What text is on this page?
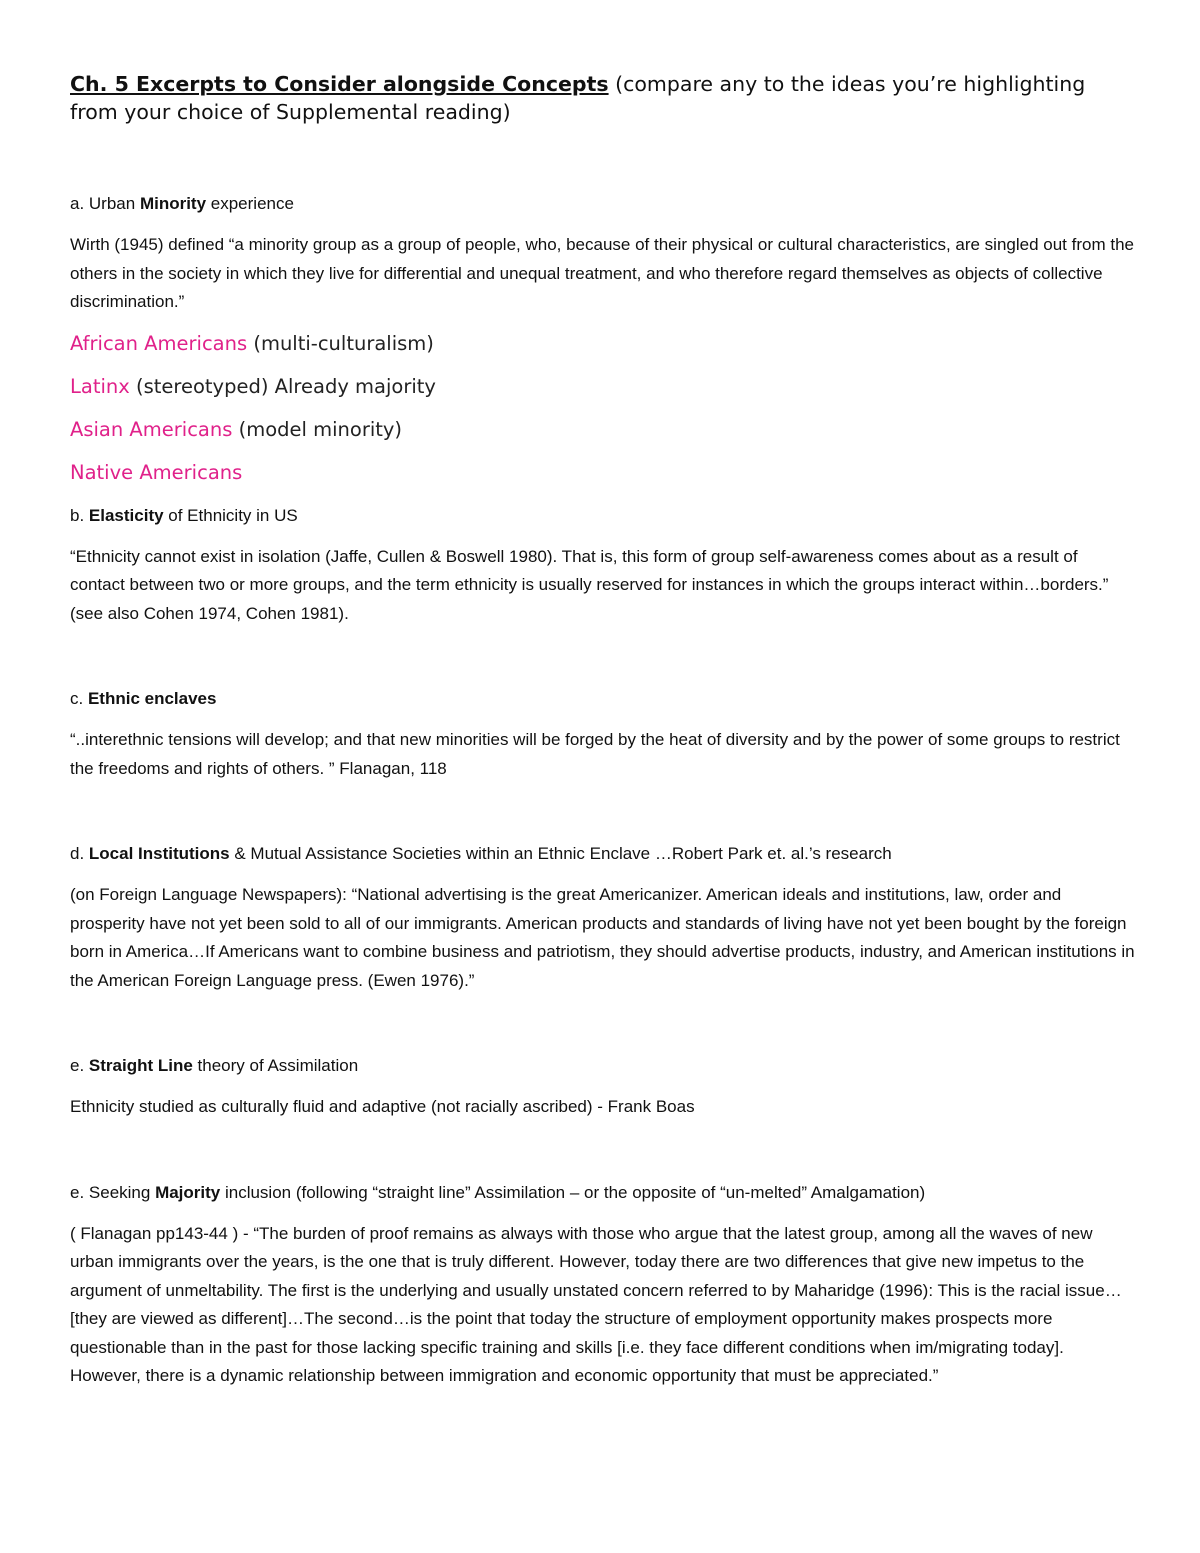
Ch. 5 Excerpts to Consider alongside Concepts (compare any to the ideas you’re highlighting from your choice of Supplemental reading)

a. Urban Minority experience

Wirth (1945) defined “a minority group as a group of people, who, because of their physical or cultural characteristics, are singled out from the others in the society in which they live for differential and unequal treatment, and who therefore regard themselves as objects of collective discrimination.”

African Americans (multi-culturalism)

Latinx (stereotyped) Already majority

Asian Americans (model minority)

Native Americans

b. Elasticity of Ethnicity in US

“Ethnicity cannot exist in isolation (Jaffe, Cullen & Boswell 1980). That is, this form of group self-awareness comes about as a result of contact between two or more groups, and the term ethnicity is usually reserved for instances in which the groups interact within…borders.” (see also Cohen 1974, Cohen 1981).

c. Ethnic enclaves

“..interethnic tensions will develop; and that new minorities will be forged by the heat of diversity and by the power of some groups to restrict the freedoms and rights of others. ” Flanagan, 118

d. Local Institutions & Mutual Assistance Societies within an Ethnic Enclave …Robert Park et. al.’s research

(on Foreign Language Newspapers): “National advertising is the great Americanizer. American ideals and institutions, law, order and prosperity have not yet been sold to all of our immigrants. American products and standards of living have not yet been bought by the foreign born in America…If Americans want to combine business and patriotism, they should advertise products, industry, and American institutions in the American Foreign Language press. (Ewen 1976).”

e. Straight Line theory of Assimilation

Ethnicity studied as culturally fluid and adaptive (not racially ascribed) - Frank Boas

e. Seeking Majority inclusion (following “straight line” Assimilation – or the opposite of “un-melted” Amalgamation)

( Flanagan pp143-44 ) - “The burden of proof remains as always with those who argue that the latest group, among all the waves of new urban immigrants over the years, is the one that is truly different. However, today there are two differences that give new impetus to the argument of unmeltability. The first is the underlying and usually unstated concern referred to by Maharidge (1996): This is the racial issue…[they are viewed as different]…The second…is the point that today the structure of employment opportunity makes prospects more questionable than in the past for those lacking specific training and skills [i.e. they face different conditions when im/migrating today]. However, there is a dynamic relationship between immigration and economic opportunity that must be appreciated.”
